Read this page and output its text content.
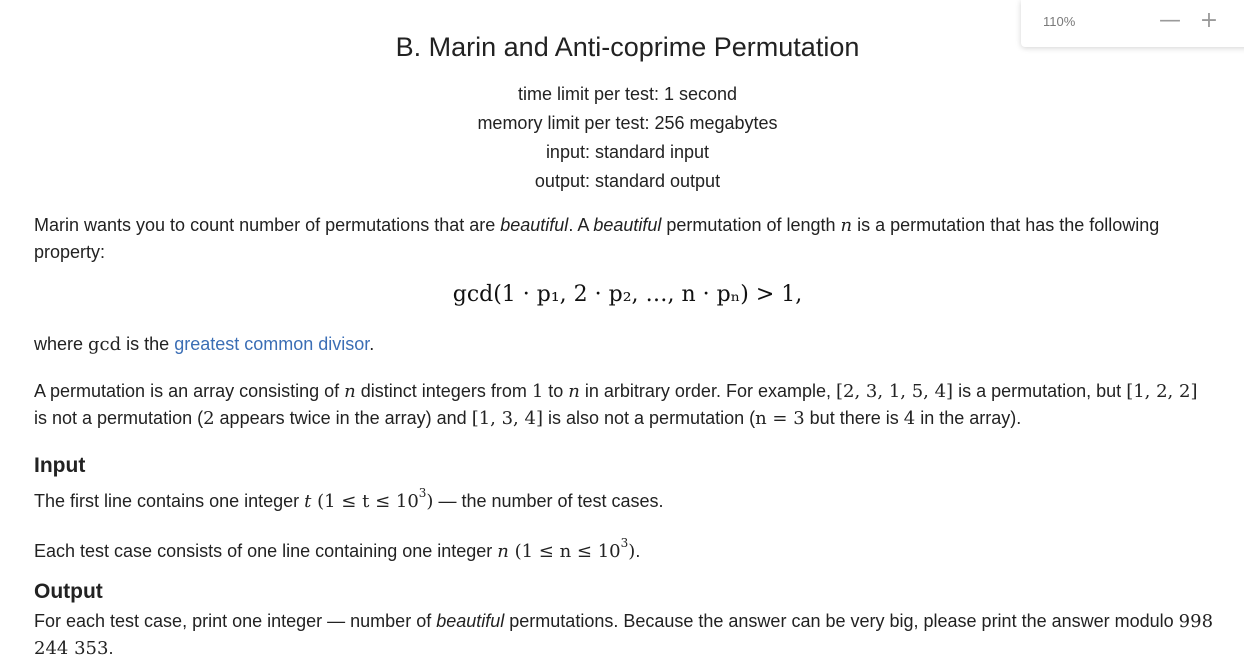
110%	— +
B. Marin and Anti-coprime Permutation
time limit per test: 1 second
memory limit per test: 256 megabytes
input: standard input
output: standard output
Marin wants you to count number of permutations that are beautiful. A beautiful permutation of length n is a permutation that has the following property:
gcd(1 · p₁, 2 · p₂, …, n · pₙ) > 1,
where gcd is the greatest common divisor.
A permutation is an array consisting of n distinct integers from 1 to n in arbitrary order. For example, [2, 3, 1, 5, 4] is a permutation, but [1, 2, 2] is not a permutation (2 appears twice in the array) and [1, 3, 4] is also not a permutation (n = 3 but there is 4 in the array).
Input
The first line contains one integer t $(1 \le t \le 10^3)$ — the number of test cases.
Each test case consists of one line containing one integer n $(1 \le n \le 10^3)$.
Output
For each test case, print one integer — number of beautiful permutations. Because the answer can be very big, please print the answer modulo 998 244 353.
